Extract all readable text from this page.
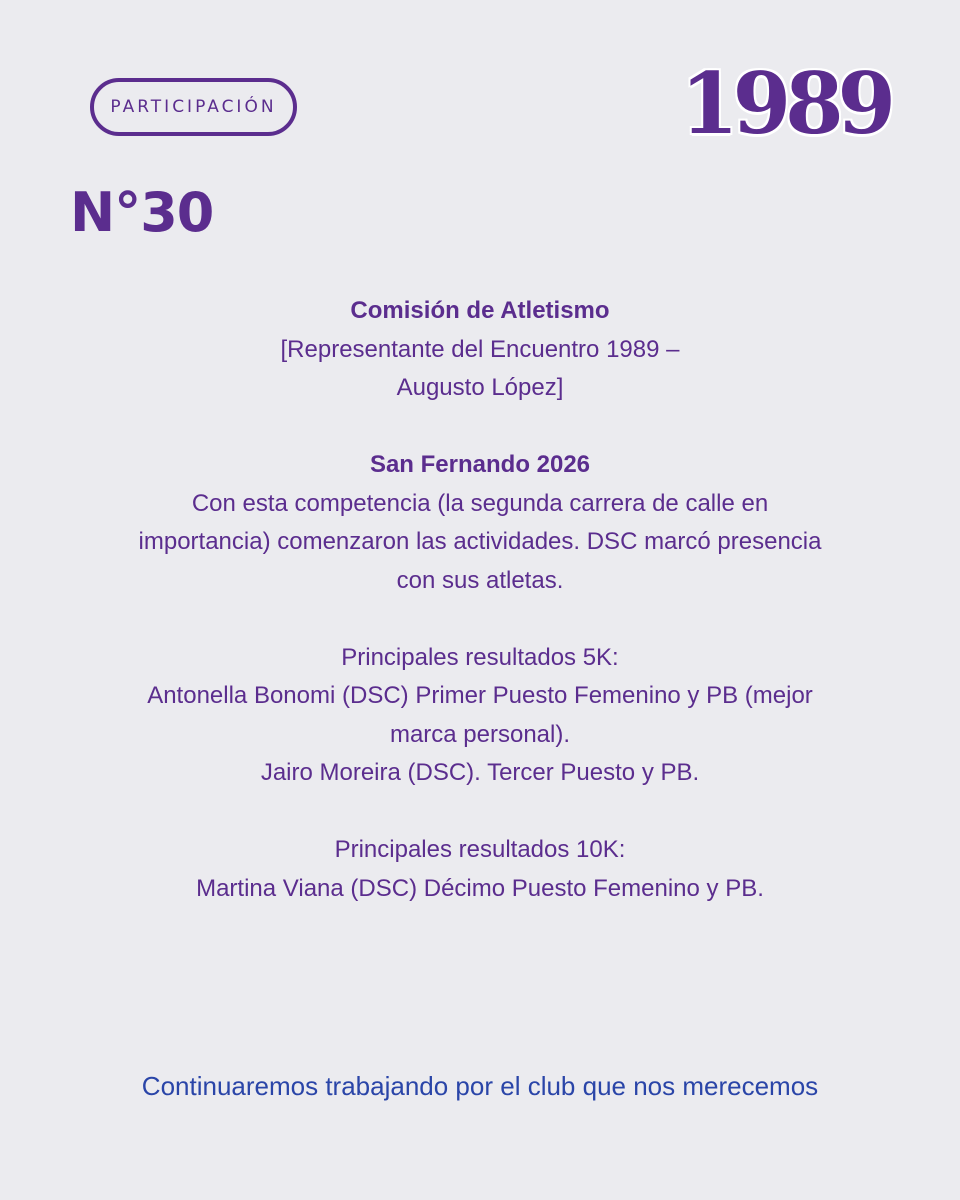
PARTICIPACIÓN	1989
N°30

Comisión de Atletismo

[Representante del Encuentro 1989 –

Augusto López]

San Fernando 2026

Con esta competencia (la segunda carrera de calle en

importancia) comenzaron las actividades. DSC marcó presencia

con sus atletas.

Principales resultados 5K:

Antonella Bonomi (DSC) Primer Puesto Femenino y PB (mejor

marca personal).

Jairo Moreira (DSC). Tercer Puesto y PB.

Principales resultados 10K:

Martina Viana (DSC) Décimo Puesto Femenino y PB.

Continuaremos trabajando por el club que nos merecemos
